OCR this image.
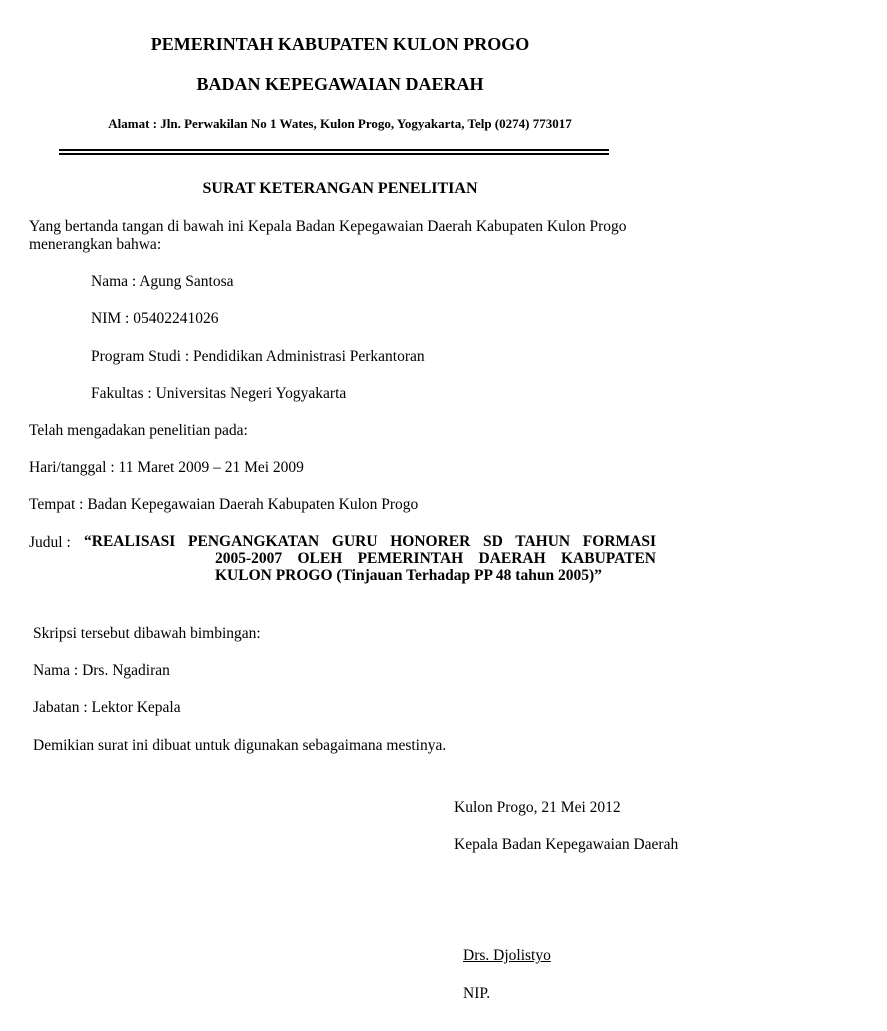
PEMERINTAH KABUPATEN KULON PROGO
BADAN KEPEGAWAIAN DAERAH
Alamat : Jln. Perwakilan No 1 Wates, Kulon Progo, Yogyakarta, Telp (0274) 773017
SURAT KETERANGAN PENELITIAN
Yang bertanda tangan di bawah ini Kepala Badan Kepegawaian Daerah Kabupaten Kulon Progo
menerangkan bahwa:
Nama : Agung Santosa
NIM : 05402241026
Program Studi : Pendidikan Administrasi Perkantoran
Fakultas : Universitas Negeri Yogyakarta
Telah mengadakan penelitian pada:
Hari/tanggal : 11 Maret 2009 – 21 Mei 2009
Tempat : Badan Kepegawaian Daerah Kabupaten Kulon Progo
Judul : “REALISASI PENGANGKATAN GURU HONORER SD TAHUN FORMASI
2005-2007 OLEH PEMERINTAH DAERAH KABUPATEN
KULON PROGO (Tinjauan Terhadap PP 48 tahun 2005)”
Skripsi tersebut dibawah bimbingan:
Nama : Drs. Ngadiran
Jabatan : Lektor Kepala
Demikian surat ini dibuat untuk digunakan sebagaimana mestinya.
Kulon Progo, 21 Mei 2012
Kepala Badan Kepegawaian Daerah
Drs. Djolistyo
NIP.
